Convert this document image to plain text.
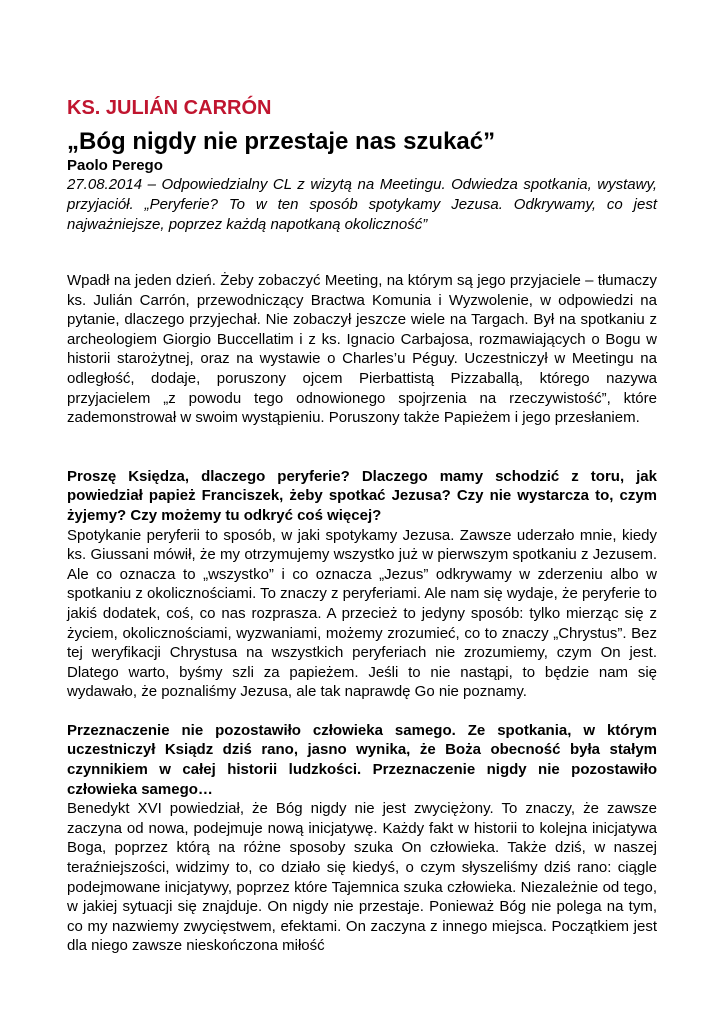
KS. JULIÁN CARRÓN
„Bóg nigdy nie przestaje nas szukać”

Paolo Perego

27.08.2014 – Odpowiedzialny CL z wizytą na Meetingu. Odwiedza spotkania, wystawy, przyjaciół. „Peryferie? To w ten sposób spotykamy Jezusa. Odkrywamy, co jest najważniejsze, poprzez każdą napotkaną okoliczność”

Wpadł na jeden dzień. Żeby zobaczyć Meeting, na którym są jego przyjaciele – tłumaczy ks. Julián Carrón, przewodniczący Bractwa Komunia i Wyzwolenie, w odpowiedzi na pytanie, dlaczego przyjechał. Nie zobaczył jeszcze wiele na Targach. Był na spotkaniu z archeologiem Giorgio Buccellatim i z ks. Ignacio Carbajosa, rozmawiających o Bogu w historii starożytnej, oraz na wystawie o Charles’u Péguy. Uczestniczył w Meetingu na odległość, dodaje, poruszony ojcem Pierbattistą Pizzaballą, którego nazywa przyjacielem „z powodu tego odnowionego spojrzenia na rzeczywistość”, które zademonstrował w swoim wystąpieniu. Poruszony także Papieżem i jego przesłaniem.

Proszę Księdza, dlaczego peryferie? Dlaczego mamy schodzić z toru, jak powiedział papież Franciszek, żeby spotkać Jezusa? Czy nie wystarcza to, czym żyjemy? Czy możemy tu odkryć coś więcej?

Spotykanie peryferii to sposób, w jaki spotykamy Jezusa. Zawsze uderzało mnie, kiedy ks. Giussani mówił, że my otrzymujemy wszystko już w pierwszym spotkaniu z Jezusem. Ale co oznacza to „wszystko” i co oznacza „Jezus” odkrywamy w zderzeniu albo w spotkaniu z okolicznościami. To znaczy z peryferiami. Ale nam się wydaje, że peryferie to jakiś dodatek, coś, co nas rozprasza. A przecież to jedyny sposób: tylko mierząc się z życiem, okolicznościami, wyzwaniami, możemy zrozumieć, co to znaczy „Chrystus”. Bez tej weryfikacji Chrystusa na wszystkich peryferiach nie zrozumiemy, czym On jest. Dlatego warto, byśmy szli za papieżem. Jeśli to nie nastąpi, to będzie nam się wydawało, że poznaliśmy Jezusa, ale tak naprawdę Go nie poznamy.

Przeznaczenie nie pozostawiło człowieka samego. Ze spotkania, w którym uczestniczył Ksiądz dziś rano, jasno wynika, że Boża obecność była stałym czynnikiem w całej historii ludzkości. Przeznaczenie nigdy nie pozostawiło człowieka samego…

Benedykt XVI powiedział, że Bóg nigdy nie jest zwyciężony. To znaczy, że zawsze zaczyna od nowa, podejmuje nową inicjatywę. Każdy fakt w historii to kolejna inicjatywa Boga, poprzez którą na różne sposoby szuka On człowieka. Także dziś, w naszej teraźniejszości, widzimy to, co działo się kiedyś, o czym słyszeliśmy dziś rano: ciągle podejmowane inicjatywy, poprzez które Tajemnica szuka człowieka. Niezależnie od tego, w jakiej sytuacji się znajduje. On nigdy nie przestaje. Ponieważ Bóg nie polega na tym, co my nazwiemy zwycięstwem, efektami. On zaczyna z innego miejsca. Początkiem jest dla niego zawsze nieskończona miłość
